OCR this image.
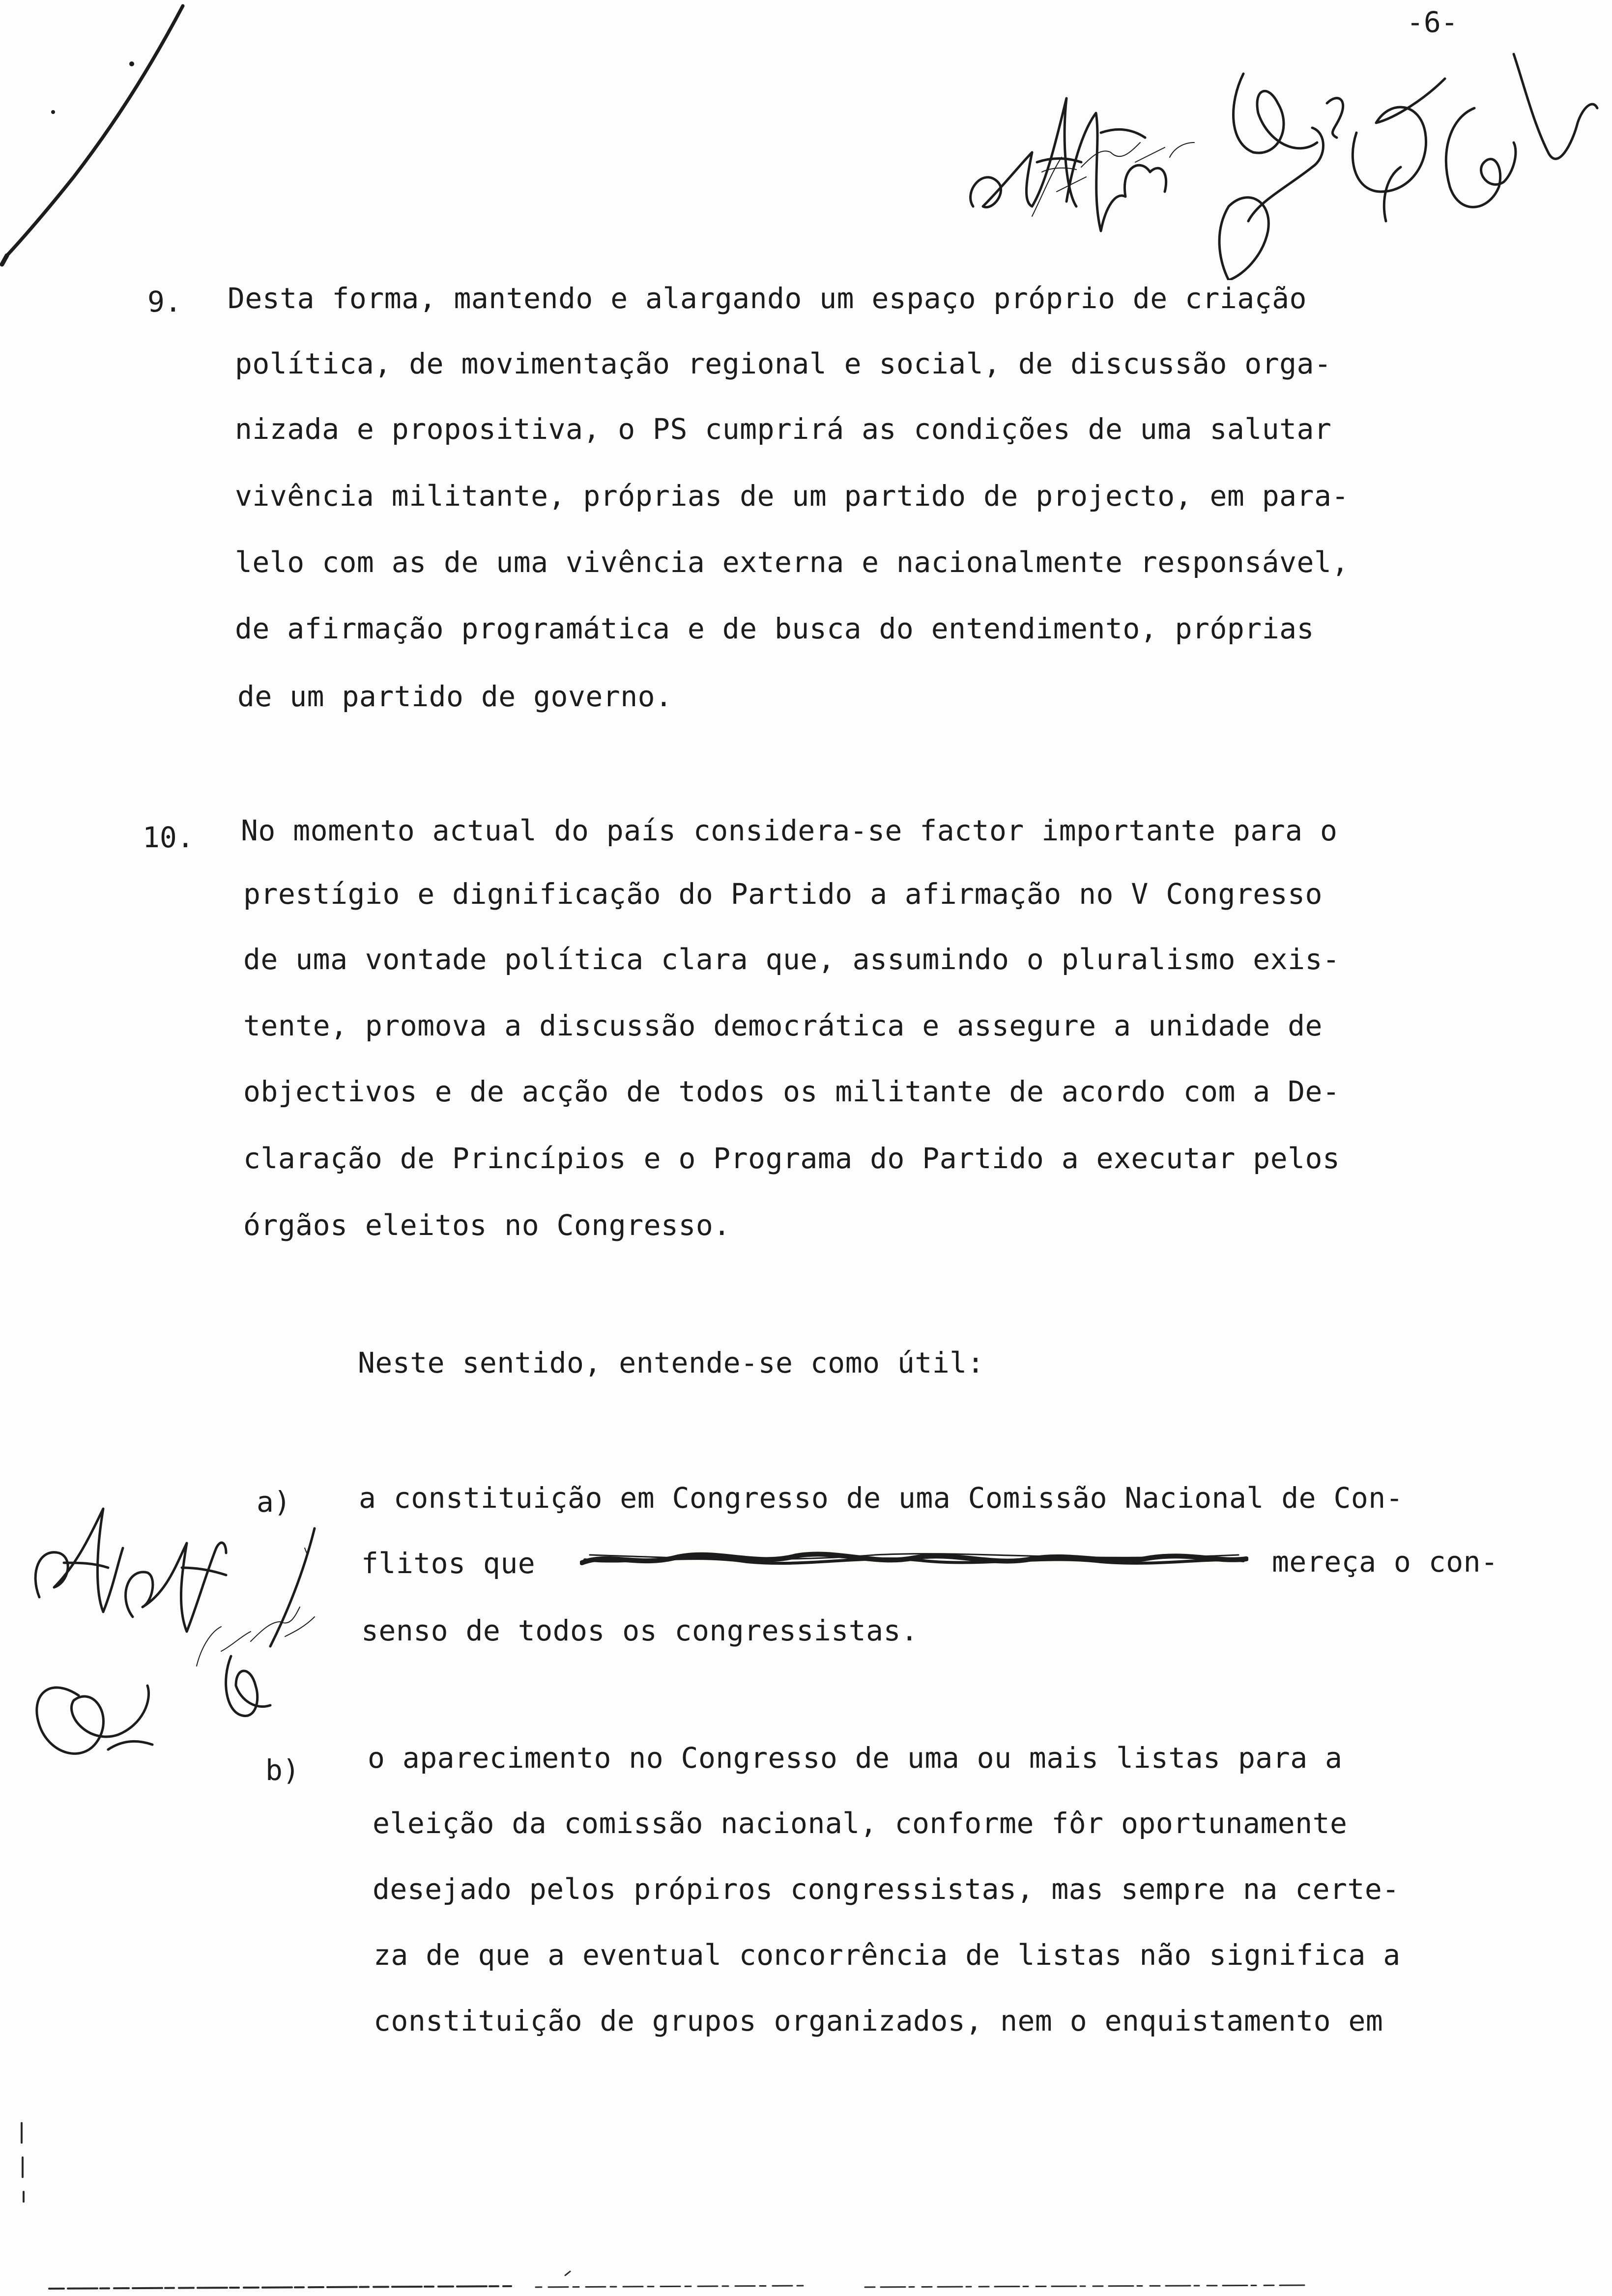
-6-
9. Desta forma, mantendo e alargando um espaço próprio de criação
política, de movimentação regional e social, de discussão orga-
nizada e propositiva, o PS cumprirá as condições de uma salutar
vivência militante, próprias de um partido de projecto, em para-
lelo com as de uma vivência externa e nacionalmente responsável,
de afirmação programática e de busca do entendimento, próprias
de um partido de governo.
10. No momento actual do país considera-se factor importante para o
prestígio e dignificação do Partido a afirmação no V Congresso
de uma vontade política clara que, assumindo o pluralismo exis-
tente, promova a discussão democrática e assegure a unidade de
objectivos e de acção de todos os militante de acordo com a De-
claração de Princípios e o Programa do Partido a executar pelos
órgãos eleitos no Congresso.
Neste sentido, entende-se como útil:
a) a constituição em Congresso de uma Comissão Nacional de Con-
flitos que	mereça o con-
senso de todos os congressistas.
b) o aparecimento no Congresso de uma ou mais listas para a
eleição da comissão nacional, conforme fôr oportunamente
desejado pelos própiros congressistas, mas sempre na certe-
za de que a eventual concorrência de listas não significa a
constituição de grupos organizados, nem o enquistamento em
